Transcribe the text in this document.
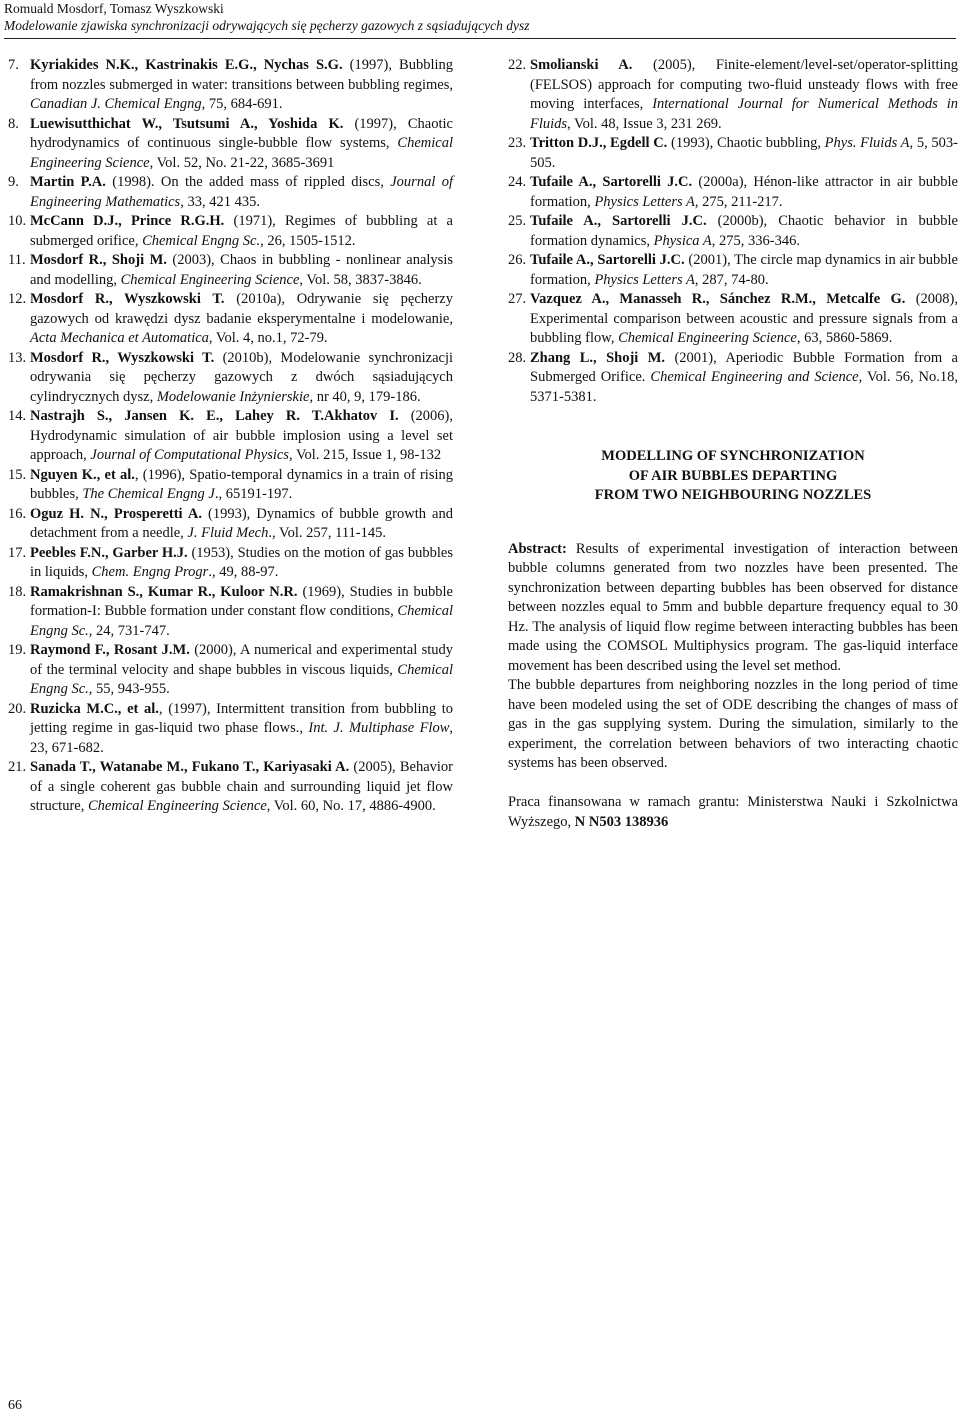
Romuald Mosdorf, Tomasz Wyszkowski
Modelowanie zjawiska synchronizacji odrywających się pęcherzy gazowych z sąsiadujących dysz
7. Kyriakides N.K., Kastrinakis E.G., Nychas S.G. (1997), Bubbling from nozzles submerged in water: transitions between bubbling regimes, Canadian J. Chemical Engng, 75, 684-691.
8. Luewisutthichat W., Tsutsumi A., Yoshida K. (1997), Chaotic hydrodynamics of continuous single-bubble flow systems, Chemical Engineering Science, Vol. 52, No. 21-22, 3685-3691
9. Martin P.A. (1998). On the added mass of rippled discs, Journal of Engineering Mathematics, 33, 421 435.
10. McCann D.J., Prince R.G.H. (1971), Regimes of bubbling at a submerged orifice, Chemical Engng Sc., 26, 1505-1512.
11. Mosdorf R., Shoji M. (2003), Chaos in bubbling - nonlinear analysis and modelling, Chemical Engineering Science, Vol. 58, 3837-3846.
12. Mosdorf R., Wyszkowski T. (2010a), Odrywanie się pęcherzy gazowych od krawędzi dysz badanie eksperymentalne i modelowanie, Acta Mechanica et Automatica, Vol. 4, no.1, 72-79.
13. Mosdorf R., Wyszkowski T. (2010b), Modelowanie synchronizacji odrywania się pęcherzy gazowych z dwóch sąsiadujących cylindrycznych dysz, Modelowanie Inżynierskie, nr 40, 9, 179-186.
14. Nastrajh S., Jansen K. E., Lahey R. T.Akhatov I. (2006), Hydrodynamic simulation of air bubble implosion using a level set approach, Journal of Computational Physics, Vol. 215, Issue 1, 98-132
15. Nguyen K., et al., (1996), Spatio-temporal dynamics in a train of rising bubbles, The Chemical Engng J., 65191-197.
16. Oguz H. N., Prosperetti A. (1993), Dynamics of bubble growth and detachment from a needle, J. Fluid Mech., Vol. 257, 111-145.
17. Peebles F.N., Garber H.J. (1953), Studies on the motion of gas bubbles in liquids, Chem. Engng Progr., 49, 88-97.
18. Ramakrishnan S., Kumar R., Kuloor N.R. (1969), Studies in bubble formation-I: Bubble formation under constant flow conditions, Chemical Engng Sc., 24, 731-747.
19. Raymond F., Rosant J.M. (2000), A numerical and experimental study of the terminal velocity and shape bubbles in viscous liquids, Chemical Engng Sc., 55, 943-955.
20. Ruzicka M.C., et al., (1997), Intermittent transition from bubbling to jetting regime in gas-liquid two phase flows., Int. J. Multiphase Flow, 23, 671-682.
21. Sanada T., Watanabe M., Fukano T., Kariyasaki A. (2005), Behavior of a single coherent gas bubble chain and surrounding liquid jet flow structure, Chemical Engineering Science, Vol. 60, No. 17, 4886-4900.
22. Smolianski A. (2005), Finite-element/level-set/operator-splitting (FELSOS) approach for computing two-fluid unsteady flows with free moving interfaces, International Journal for Numerical Methods in Fluids, Vol. 48, Issue 3, 231 269.
23. Tritton D.J., Egdell C. (1993), Chaotic bubbling, Phys. Fluids A, 5, 503-505.
24. Tufaile A., Sartorelli J.C. (2000a), Hénon-like attractor in air bubble formation, Physics Letters A, 275, 211-217.
25. Tufaile A., Sartorelli J.C. (2000b), Chaotic behavior in bubble formation dynamics, Physica A, 275, 336-346.
26. Tufaile A., Sartorelli J.C. (2001), The circle map dynamics in air bubble formation, Physics Letters A, 287, 74-80.
27. Vazquez A., Manasseh R., Sánchez R.M., Metcalfe G. (2008), Experimental comparison between acoustic and pressure signals from a bubbling flow, Chemical Engineering Science, 63, 5860-5869.
28. Zhang L., Shoji M. (2001), Aperiodic Bubble Formation from a Submerged Orifice. Chemical Engineering and Science, Vol. 56, No.18, 5371-5381.
MODELLING OF SYNCHRONIZATION
OF AIR BUBBLES DEPARTING
FROM TWO NEIGHBOURING NOZZLES

Abstract: Results of experimental investigation of interaction between bubble columns generated from two nozzles have been presented. The synchronization between departing bubbles has been observed for distance between nozzles equal to 5mm and bubble departure frequency equal to 30 Hz. The analysis of liquid flow regime between interacting bubbles has been made using the COMSOL Multiphysics program. The gas-liquid interface movement has been described using the level set method.

The bubble departures from neighboring nozzles in the long period of time have been modeled using the set of ODE describing the changes of mass of gas in the gas supplying system. During the simulation, similarly to the experiment, the correlation between behaviors of two interacting chaotic systems has been observed.

Praca finansowana w ramach grantu: Ministerstwa Nauki i Szkolnictwa Wyższego, N N503 138936
66
